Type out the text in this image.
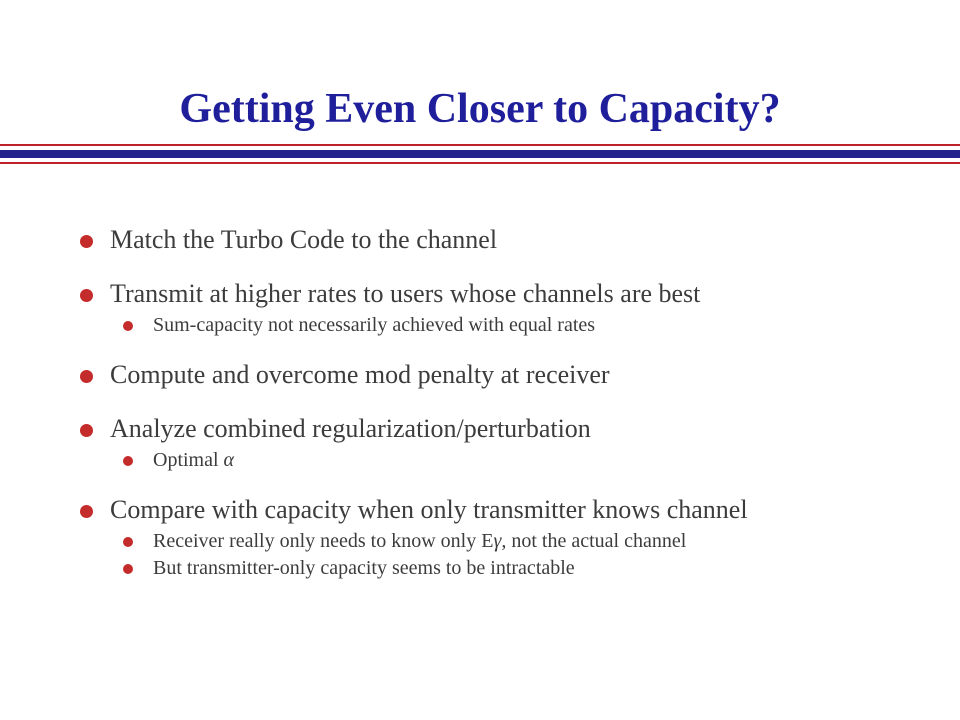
Getting Even Closer to Capacity?
Match the Turbo Code to the channel
Transmit at higher rates to users whose channels are best
Sum-capacity not necessarily achieved with equal rates
Compute and overcome mod penalty at receiver
Analyze combined regularization/perturbation
Optimal α
Compare with capacity when only transmitter knows channel
Receiver really only needs to know only Eγ, not the actual channel
But transmitter-only capacity seems to be intractable
